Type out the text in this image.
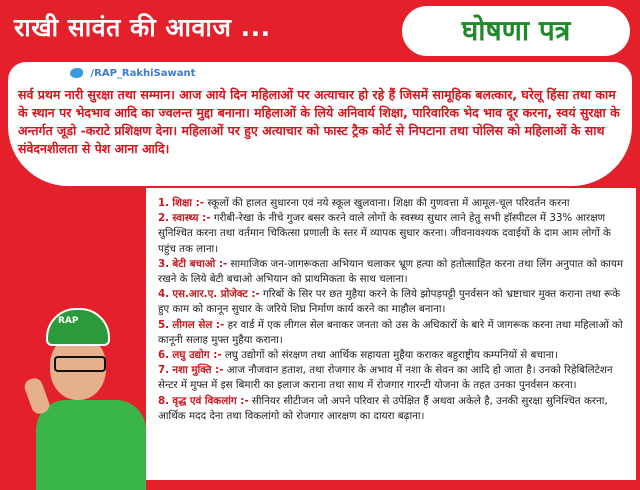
राखी सावंत की आवाज ...	घोषणा पत्र
/RAP_RakhiSawant

सर्व प्रथम नारी सुरक्षा तथा सम्मान। आज आये दिन महिलाओं पर अत्याचार हो रहे हैं जिसमें सामूहिक बलत्कार, घरेलू हिंसा तथा काम के स्थान पर भेदभाव आदि का ज्वलन्त मुद्दा बनाना। महिलाओं के लिये अनिवार्य शिक्षा, पारिवारिक भेद भाव दूर करना, स्वयं सुरक्षा के अन्तर्गत जूडो -कराटे प्रशिक्षण देना। महिलाओं पर हुए अत्याचार को फास्ट ट्रैक कोर्ट से निपटाना तथा पोलिस को महिलाओं के साथ संवेदनशीलता से पेश आना आदि।

RAP

1. शिक्षा :- स्कूलों की हालत सुधारना एवं नये स्कूल खुलवाना। शिक्षा की गुणवत्ता में आमूल-चूल परिवर्तन करना

2. स्वास्थ्य :- गरीबी-रेखा के नीचे गुजर बसर करने वाले लोगों के स्वस्थ्य सुधार लाने हेतु सभी हॉस्पीटल में 33% आरक्षण सुनिश्चित करना तथा वर्तमान चिकित्सा प्रणाली के स्तर में व्यापक सुधार करना। जीवनावश्यक दवाईयों के दाम आम लोगों के पहुंच तक लाना।

3. बेटी बचाओ :- सामाजिक जन-जागरूकता अभियान चलाकर भ्रूण हत्या को हतोत्साहित करना तथा लिंग अनुपात को कायम रखने के लिये बेटी बचाओ अभियान को प्राथमिकता के साथ चलाना।

4. एस.आर.ए. प्रोजेक्ट :- गरिबों के सिर पर छत मुहैया करने के लिये झोपड़पट्टी पुनर्वसन को भ्रष्टाचार मुक्त कराना तथा रूके हुए काम को कानून सुधार के जरिये शिघ्र निर्माण कार्य करने का माहौल बनाना।

5. लीगल सेल :- हर वार्ड में एक लीगल सेल बनाकर जनता को उस के अधिकारों के बारे में जागरूक करना तथा महिलाओं को कानूनी सलाह मुफ्त मुहैया कराना।

6. लघु उद्योग :- लघु उद्योगों को संरक्षण तथा आर्थिक सहायता मुहैया कराकर बहुराष्ट्रीय कम्पनियों से बचाना।

7. नशा मुक्ति :- आज नौजवान हताश, तथा रोजगार के अभाव में नशा के सेवन का आदि हो जाता है। उनको रिहेबिलिटेशन सेन्टर में मुफ्त में इस बिमारी का इलाज कराना तथा साथ में रोजगार गारन्टी योजना के तहत उनका पुनर्वसन करना।

8. वृद्ध एवं विकलांग :- सीनियर सीटीजन जो अपने परिवार से उपेक्षित हैं अथवा अकेले है, उनकी सुरक्षा सुनिश्चित करना, आर्थिक मदद देना तथा विकलांगो को रोजगार आरक्षण का दायरा बढ़ाना।
